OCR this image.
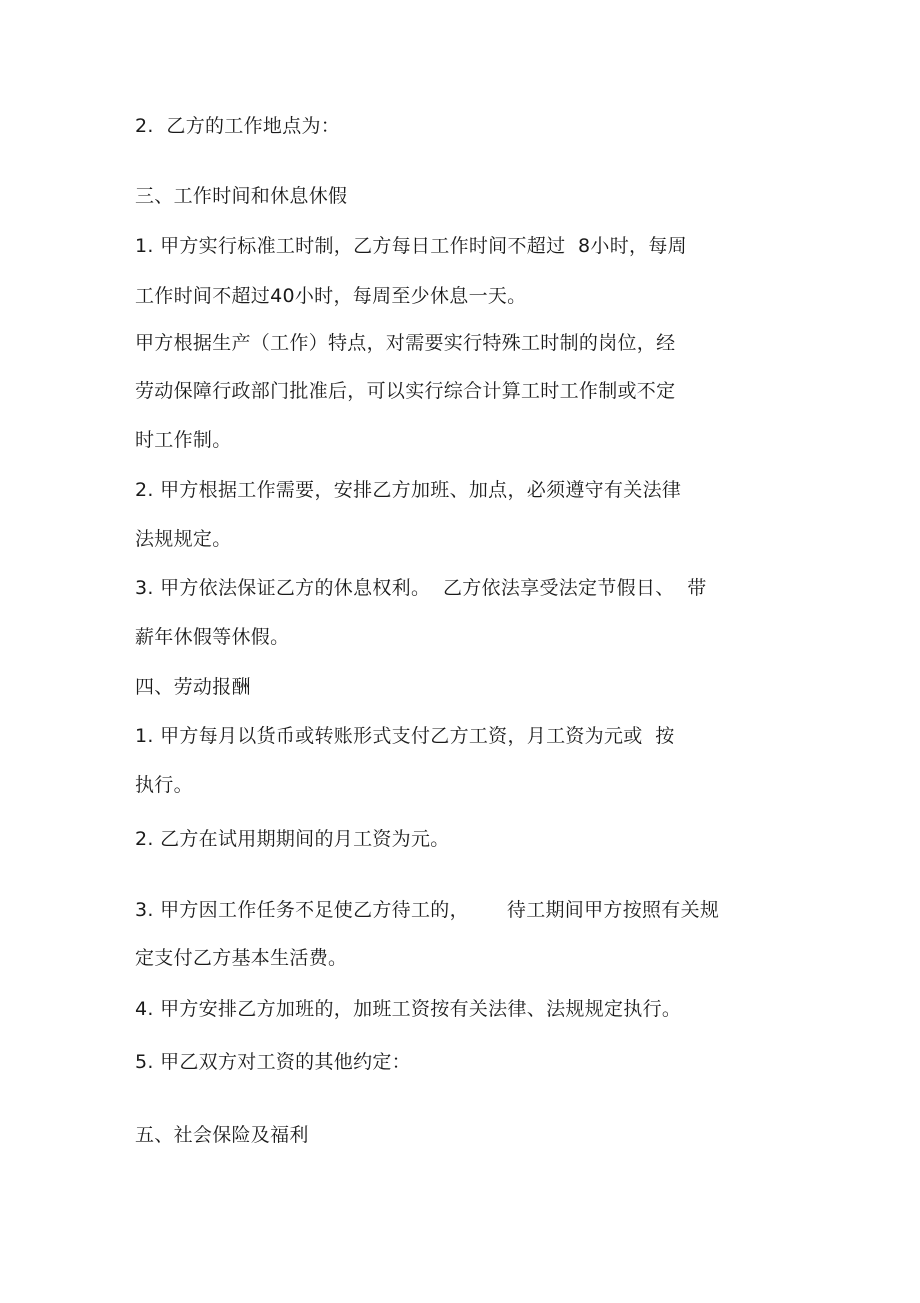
2.  乙方的工作地点为：
三、工作时间和休息休假
1. 甲方实行标准工时制，乙方每日工作时间不超过  8小时，每周
工作时间不超过40小时，每周至少休息一天。
甲方根据生产（工作）特点，对需要实行特殊工时制的岗位，经
劳动保障行政部门批准后，可以实行综合计算工时工作制或不定
时工作制。
2. 甲方根据工作需要，安排乙方加班、加点，必须遵守有关法律
法规规定。
3. 甲方依法保证乙方的休息权利。  乙方依法享受法定节假日、  带
薪年休假等休假。
四、劳动报酬
1. 甲方每月以货币或转账形式支付乙方工资，月工资为元或  按
执行。
2. 乙方在试用期期间的月工资为元。
3. 甲方因工作任务不足使乙方待工的，      待工期间甲方按照有关规
定支付乙方基本生活费。
4. 甲方安排乙方加班的，加班工资按有关法律、法规规定执行。
5. 甲乙双方对工资的其他约定：
五、社会保险及福利
